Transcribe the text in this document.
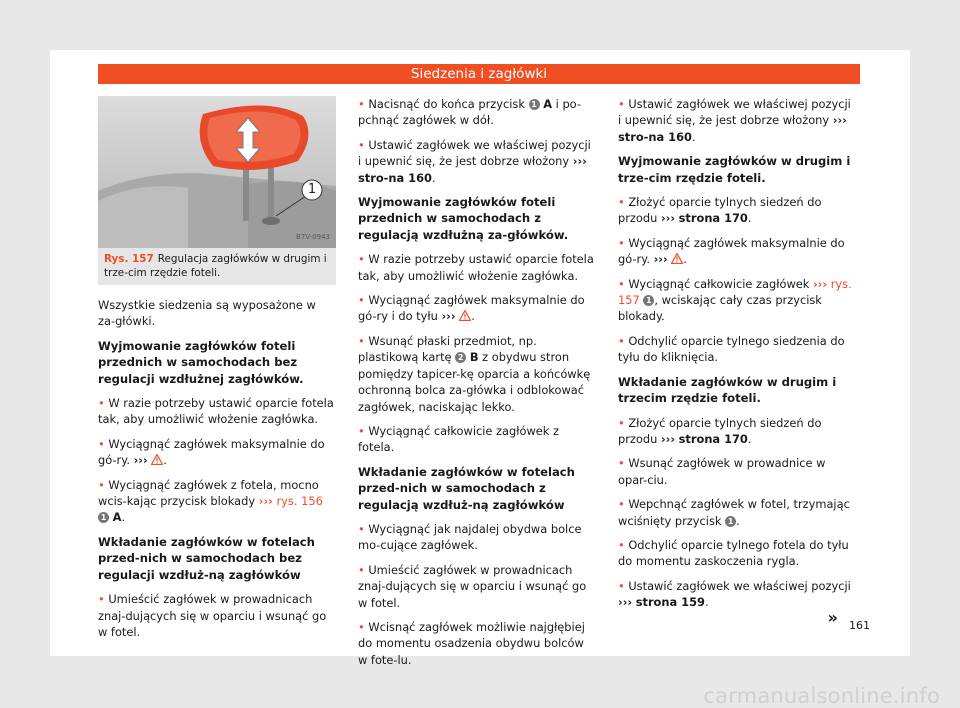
Siedzenia i zagłówki
1
B7V-0943
Rys. 157 Regulacja zagłówków w drugim i trze-cim rzędzie foteli.

Wszystkie siedzenia są wyposażone w za-główki.

Wyjmowanie zagłówków foteli przednich w samochodach bez regulacji wzdłużnej zagłówków.

• W razie potrzeby ustawić oparcie fotela tak, aby umożliwić włożenie zagłówka.

• Wyciągnąć zagłówek maksymalnie do gó-ry. ››› .

• Wyciągnąć zagłówek z fotela, mocno wcis-kając przycisk blokady ››› rys. 156 1 A.

Wkładanie zagłówków w fotelach przed-nich w samochodach bez regulacji wzdłuż-ną zagłówków

• Umieścić zagłówek w prowadnicach znaj-dujących się w oparciu i wsunąć go w fotel.

• Nacisnąć do końca przycisk 1 A i po-pchnąć zagłówek w dół.

• Ustawić zagłówek we właściwej pozycji i upewnić się, że jest dobrze włożony ››› stro-na 160.

Wyjmowanie zagłówków foteli przednich w samochodach z regulacją wzdłużną za-główków.

• W razie potrzeby ustawić oparcie fotela tak, aby umożliwić włożenie zagłówka.

• Wyciągnąć zagłówek maksymalnie do gó-ry i do tyłu ››› .

• Wsunąć płaski przedmiot, np. plastikową kartę 2 B z obydwu stron pomiędzy tapicer-kę oparcia a końcówkę ochronną bolca za-główka i odblokować zagłówek, naciskając lekko.

• Wyciągnąć całkowicie zagłówek z fotela.

Wkładanie zagłówków w fotelach przed-nich w samochodach z regulacją wzdłuż-ną zagłówków

• Wyciągnąć jak najdalej obydwa bolce mo-cujące zagłówek.

• Umieścić zagłówek w prowadnicach znaj-dujących się w oparciu i wsunąć go w fotel.

• Wcisnąć zagłówek możliwie najgłębiej do momentu osadzenia obydwu bolców w fote-lu.

• Ustawić zagłówek we właściwej pozycji i upewnić się, że jest dobrze włożony ››› stro-na 160.

Wyjmowanie zagłówków w drugim i trze-cim rzędzie foteli.

• Złożyć oparcie tylnych siedzeń do przodu ››› strona 170.

• Wyciągnąć zagłówek maksymalnie do gó-ry. ››› .

• Wyciągnąć całkowicie zagłówek ››› rys. 157 1 , wciskając cały czas przycisk blokady.

• Odchylić oparcie tylnego siedzenia do tyłu do kliknięcia.

Wkładanie zagłówków w drugim i trzecim rzędzie foteli.

• Złożyć oparcie tylnych siedzeń do przodu ››› strona 170.

• Wsunąć zagłówek w prowadnice w opar-ciu.

• Wepchnąć zagłówek w fotel, trzymając wciśnięty przycisk 1 .

• Odchylić oparcie tylnego fotela do tyłu do momentu zaskoczenia rygla.

• Ustawić zagłówek we właściwej pozycji ››› strona 159.

» 161
carmanualsonline.info
